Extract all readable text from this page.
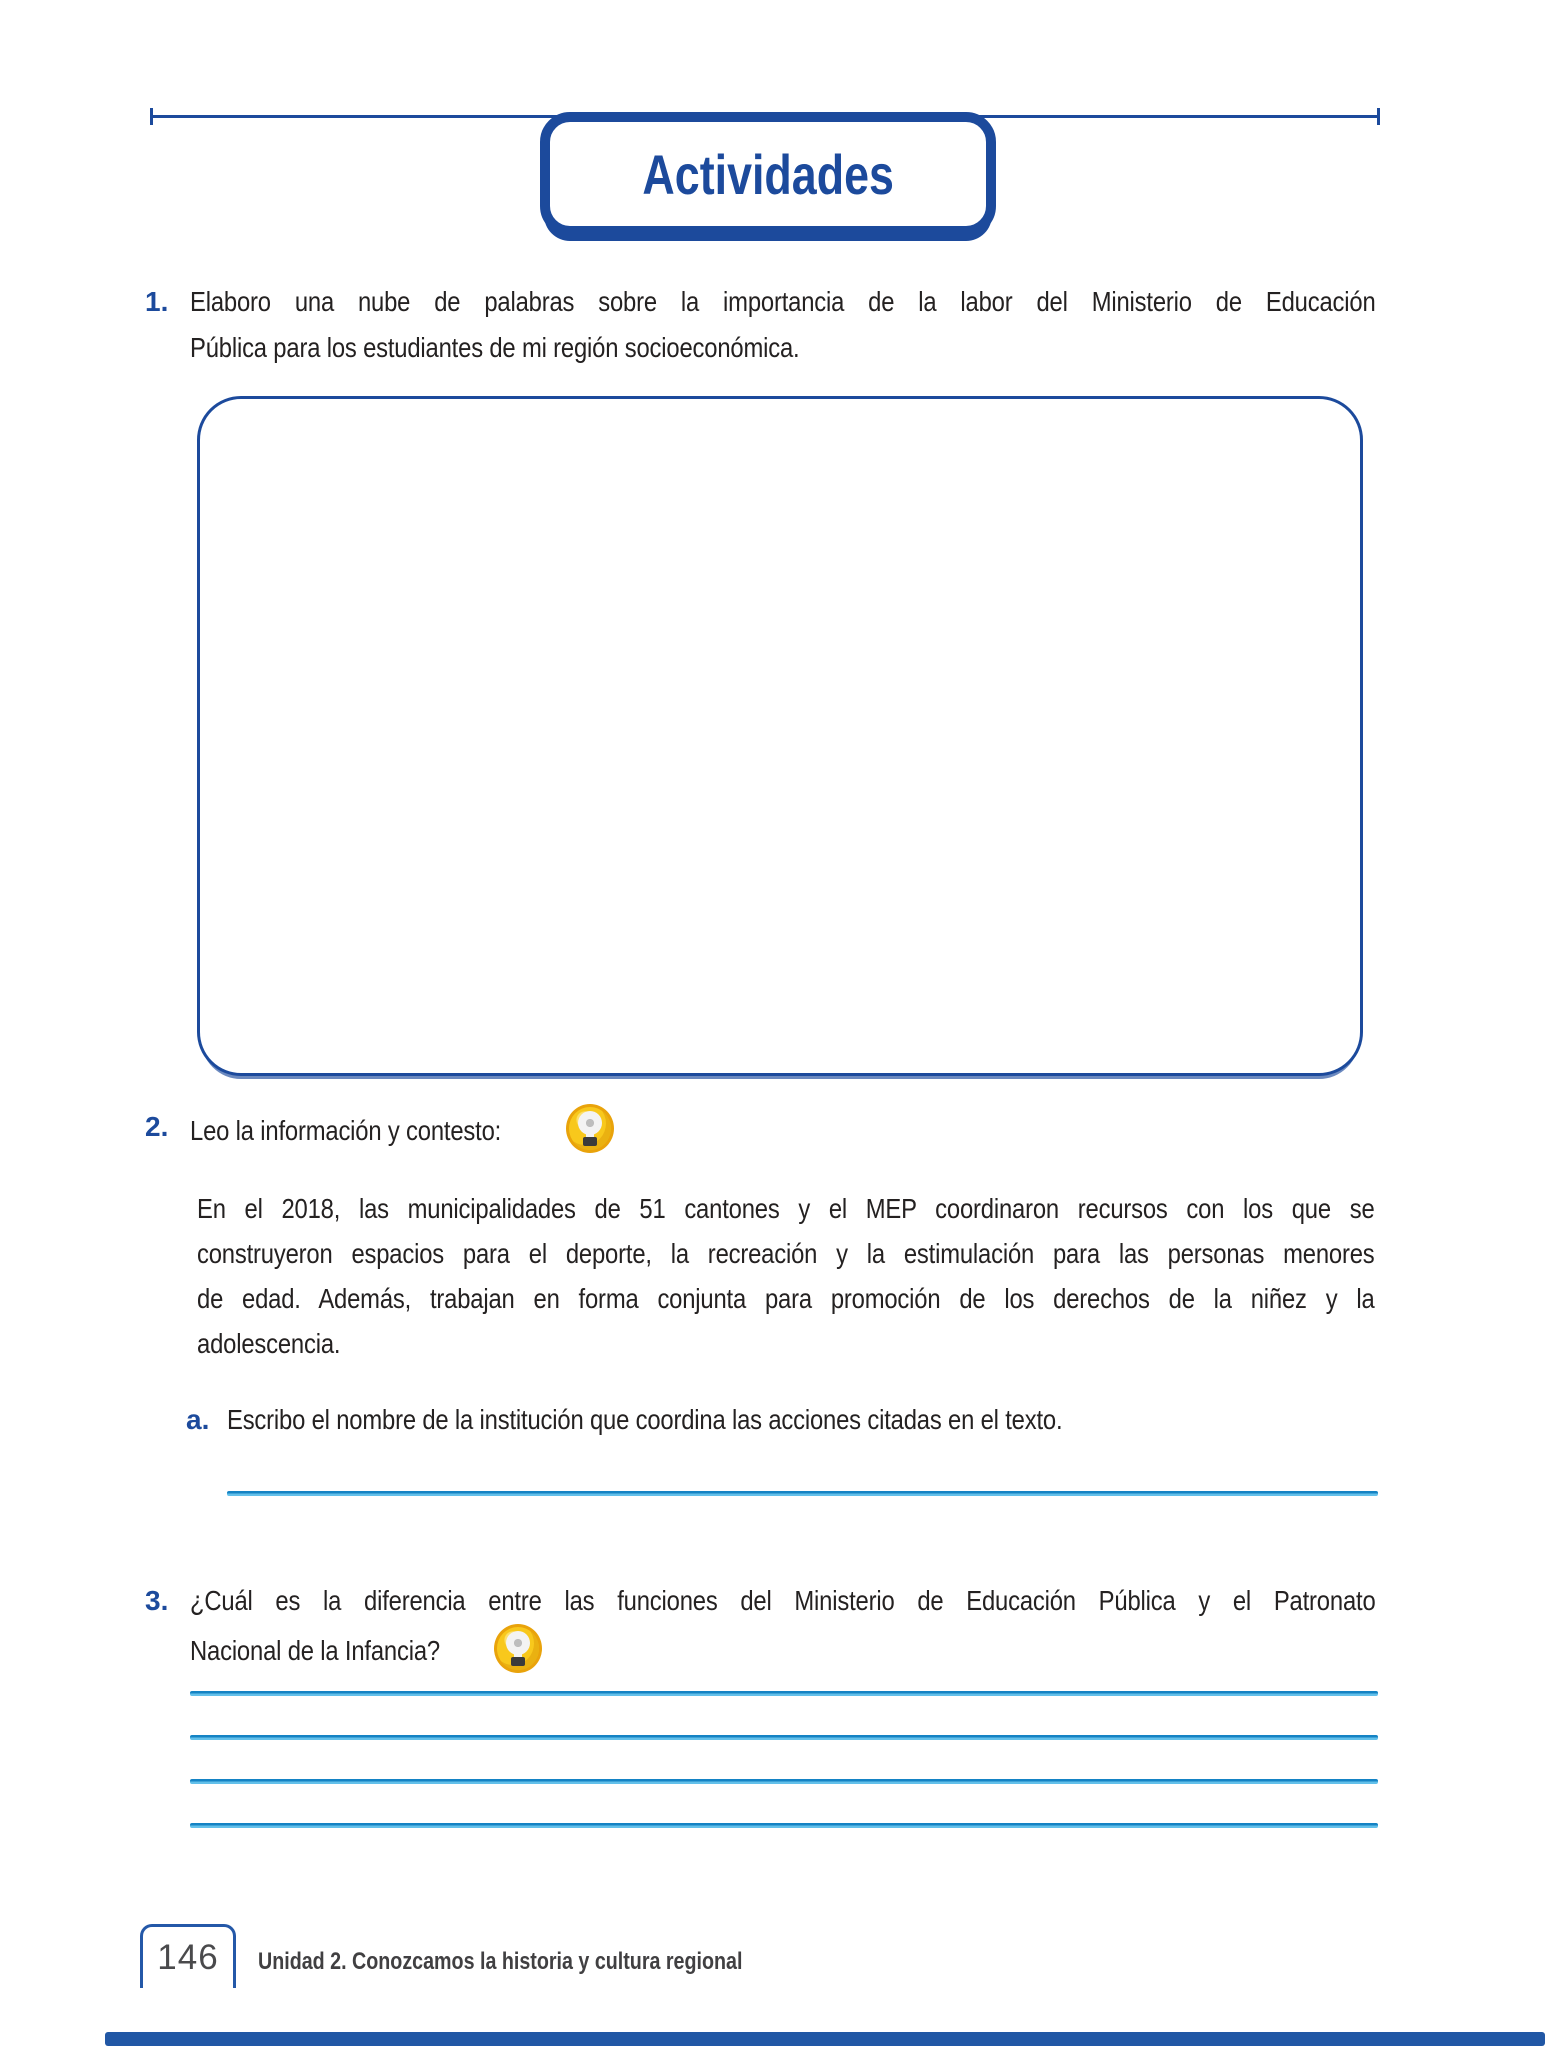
Actividades
1. Elaboro una nube de palabras sobre la importancia de la labor del Ministerio de Educación
Pública para los estudiantes de mi región socioeconómica.
2. Leo la información y contesto:
En el 2018, las municipalidades de 51 cantones y el MEP coordinaron recursos con los que se
construyeron espacios para el deporte, la recreación y la estimulación para las personas menores
de edad. Además, trabajan en forma conjunta para promoción de los derechos de la niñez y la
adolescencia.
a. Escribo el nombre de la institución que coordina las acciones citadas en el texto.
3. ¿Cuál es la diferencia entre las funciones del Ministerio de Educación Pública y el Patronato
Nacional de la Infancia?
146 Unidad 2. Conozcamos la historia y cultura regional
